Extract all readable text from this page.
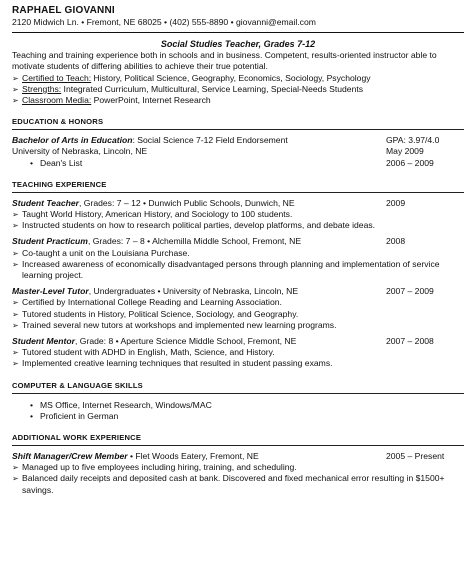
RAPHAEL GIOVANNI
2120 Midwich Ln. • Fremont, NE 68025 • (402) 555-8890 • giovanni@email.com
Social Studies Teacher, Grades 7-12

Teaching and training experience both in schools and in business. Competent, results-oriented instructor able to motivate students of differing abilities to achieve their true potential.

➢ Certified to Teach: History, Political Science, Geography, Economics, Sociology, Psychology
➢ Strengths: Integrated Curriculum, Multicultural, Service Learning, Special-Needs Students
➢ Classroom Media: PowerPoint, Internet Research
EDUCATION & HONORS
Bachelor of Arts in Education: Social Science 7-12 Field Endorsement	GPA: 3.97/4.0
University of Nebraska, Lincoln, NE	May 2009
• Dean's List	2006 – 2009
TEACHING EXPERIENCE
Student Teacher, Grades: 7 – 12 • Dunwich Public Schools, Dunwich, NE	2009
➢ Taught World History, American History, and Sociology to 100 students.
➢ Instructed students on how to research political parties, develop platforms, and debate ideas.
Student Practicum, Grades: 7 – 8 • Alchemilla Middle School, Fremont, NE	2008
➢ Co-taught a unit on the Louisiana Purchase.
➢ Increased awareness of economically disadvantaged persons through planning and implementation of service learning project.
Master-Level Tutor, Undergraduates • University of Nebraska, Lincoln, NE	2007 – 2009
➢ Certified by International College Reading and Learning Association.
➢ Tutored students in History, Political Science, Sociology, and Geography.
➢ Trained several new tutors at workshops and implemented new learning programs.
Student Mentor, Grade: 8 • Aperture Science Middle School, Fremont, NE	2007 – 2008
➢ Tutored student with ADHD in English, Math, Science, and History.
➢ Implemented creative learning techniques that resulted in student passing exams.
COMPUTER & LANGUAGE SKILLS
• MS Office, Internet Research, Windows/MAC
• Proficient in German
ADDITIONAL WORK EXPERIENCE
Shift Manager/Crew Member • Flet Woods Eatery, Fremont, NE	2005 – Present
➢ Managed up to five employees including hiring, training, and scheduling.
➢ Balanced daily receipts and deposited cash at bank. Discovered and fixed mechanical error resulting in $1500+ savings.
